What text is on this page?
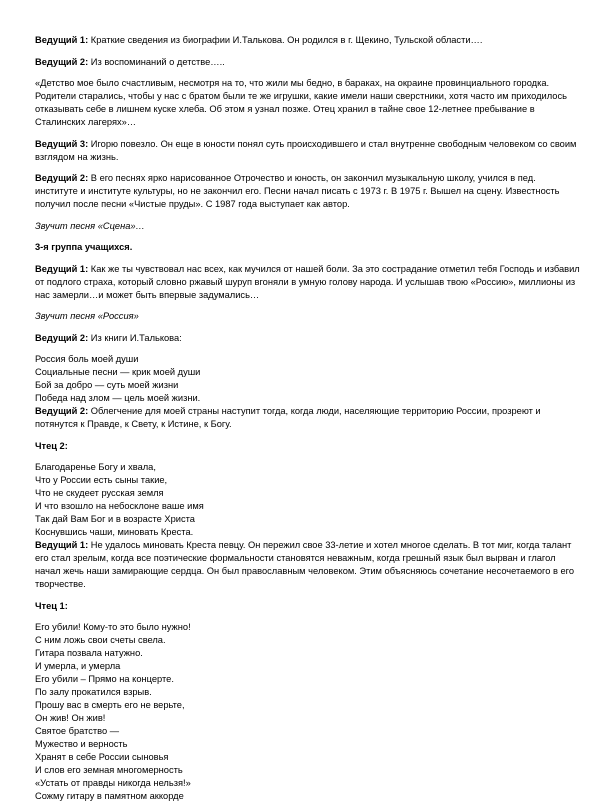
Ведущий 1: Краткие сведения из биографии И.Талькова. Он родился в г. Щекино, Тульской области….

Ведущий 2: Из воспоминаний о детстве…..

«Детство мое было счастливым, несмотря на то, что жили мы бедно, в бараках, на окраине провинциального городка. Родители старались, чтобы у нас с братом были те же игрушки, какие имели наши сверстники, хотя часто им приходилось отказывать себе в лишнем куске хлеба. Об этом я узнал позже. Отец хранил в тайне свое 12-летнее пребывание в Сталинских лагерях»…

Ведущий 3: Игорю повезло. Он еще в юности понял суть происходившего и стал внутренне свободным человеком со своим взглядом на жизнь.

Ведущий 2: В его песнях ярко нарисованное Отрочество и юность, он закончил музыкальную школу, учился в пед. институте и институте культуры, но не закончил его. Песни начал писать с 1973 г. В 1975 г. Вышел на сцену. Известность получил после песни «Чистые пруды». С 1987 года выступает как автор.

Звучит песня «Сцена»…

3-я группа учащихся.

Ведущий 1: Как же ты чувствовал нас всех, как мучился от нашей боли. За это сострадание отметил тебя Господь и избавил от подлого страха, который словно ржавый шуруп вгоняли в умную голову народа. И услышав твою «Россию», миллионы из нас замерли…и может быть впервые задумались…

Звучит песня «Россия»

Ведущий 2: Из книги И.Талькова:

Россия боль моей души
Социальные песни — крик моей души
Бой за добро — суть моей жизни
Победа над злом — цель моей жизни.

Ведущий 2: Облегчение для моей страны наступит тогда, когда люди, населяющие территорию России, прозреют и потянутся к Правде, к Свету, к Истине, к Богу.

Чтец 2:

Благодаренье Богу и хвала,
Что у России есть сыны такие,
Что не скудеет русская земля
И что взошло на небосклоне ваше имя
Так дай Вам Бог и в возрасте Христа
Коснувшись чаши, миновать Креста.

Ведущий 1: Не удалось миновать Креста певцу. Он пережил свое 33-летие и хотел многое сделать. В тот миг, когда талант его стал зрелым, когда все поэтические формальности становятся неважным, когда грешный язык был вырван и глагол начал жечь наши замирающие сердца. Он был православным человеком. Этим объясняюсь сочетание несочетаемого в его творчестве.

Чтец 1:

Его убили! Кому-то это было нужно!
С ним ложь свои счеты свела.
Гитара позвала натужно.
И умерла, и умерла
Его убили – Прямо на концерте.
По залу прокатился взрыв.
Прошу вас в смерть его не верьте,
Он жив! Он жив!
Святое братство —
Мужество и верность
Хранят в себе России сыновья
И слов его земная многомерность
«Устать от правды никогда нельзя!»
Сожму гитару в памятном аккорде
